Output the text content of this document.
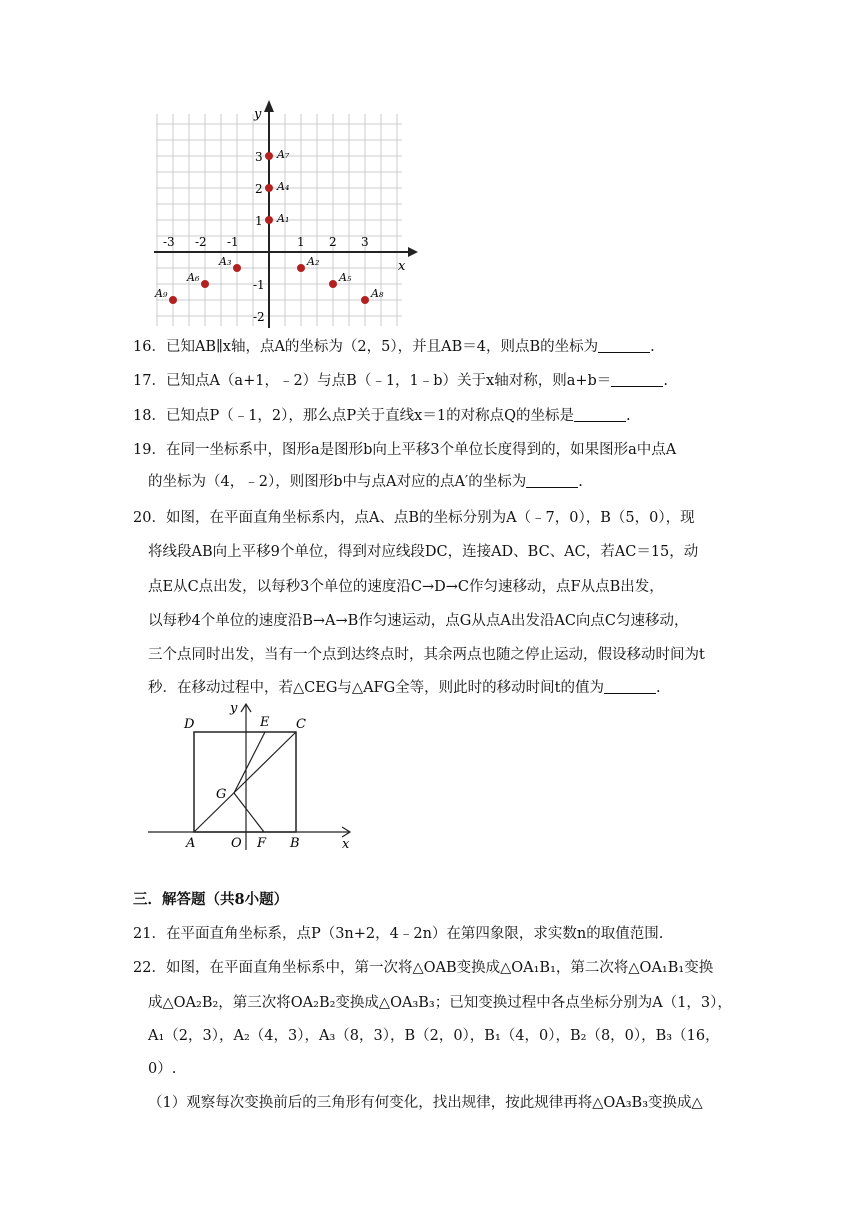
x
y
-3 -2 -1	1 2 3
3
2
1
-1
-2
A₇
A₄
A₁
A₂
A₃
A₅
A₆
A₈
A₉
16．已知AB∥x轴，点A的坐标为（2，5），并且AB＝4，则点B的坐标为	.
17．已知点A（a+1，﹣2）与点B（﹣1，1﹣b）关于x轴对称，则a+b＝	.
18．已知点P（﹣1，2），那么点P关于直线x＝1的对称点Q的坐标是	.
19．在同一坐标系中，图形a是图形b向上平移3个单位长度得到的，如果图形a中点A
的坐标为（4，﹣2），则图形b中与点A对应的点A′的坐标为	.
20．如图，在平面直角坐标系内，点A、点B的坐标分别为A（﹣7，0），B（5，0），现
将线段AB向上平移9个单位，得到对应线段DC，连接AD、BC、AC，若AC＝15，动
点E从C点出发，以每秒3个单位的速度沿C→D→C作匀速移动，点F从点B出发，
以每秒4个单位的速度沿B→A→B作匀速运动，点G从点A出发沿AC向点C匀速移动，
三个点同时出发，当有一个点到达终点时，其余两点也随之停止运动，假设移动时间为t
秒．在移动过程中，若△CEG与△AFG全等，则此时的移动时间t的值为	.
D	E C
y
G
A	O F B	x
三．解答题（共8小题）
21．在平面直角坐标系，点P（3n+2，4﹣2n）在第四象限，求实数n的取值范围.
22．如图，在平面直角坐标系中，第一次将△OAB变换成△OA₁B₁，第二次将△OA₁B₁变换
成△OA₂B₂，第三次将OA₂B₂变换成△OA₃B₃；已知变换过程中各点坐标分别为A（1，3），
A₁（2，3），A₂（4，3），A₃（8，3），B（2，0），B₁（4，0），B₂（8，0），B₃（16，
0）.
（1）观察每次变换前后的三角形有何变化，找出规律，按此规律再将△OA₃B₃变换成△
